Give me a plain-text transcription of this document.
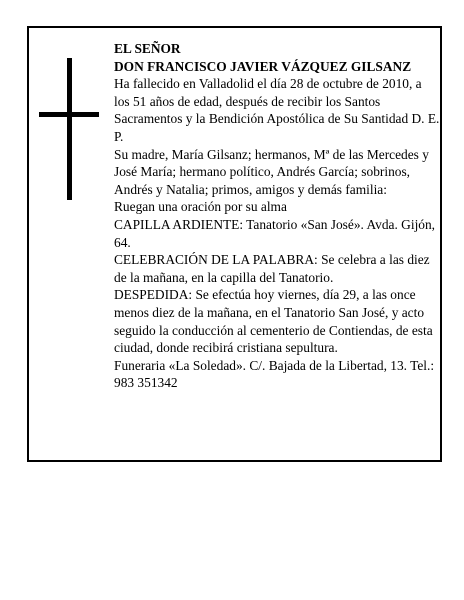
EL SEÑOR

DON FRANCISCO JAVIER VÁZQUEZ GILSANZ

Ha fallecido en Valladolid el día 28 de octubre de 2010, a los 51 años de edad, después de recibir los Santos Sacramentos y la Bendición Apostólica de Su Santidad D. E. P.

Su madre, María Gilsanz; hermanos, Mª de las Mercedes y José María; hermano político, Andrés García; sobrinos, Andrés y Natalia; primos, amigos y demás familia:

Ruegan una oración por su alma

CAPILLA ARDIENTE: Tanatorio «San José». Avda. Gijón, 64.

CELEBRACIÓN DE LA PALABRA: Se celebra a las diez de la mañana, en la capilla del Tanatorio.

DESPEDIDA: Se efectúa hoy viernes, día 29, a las once menos diez de la mañana, en el Tanatorio San José, y acto seguido la conducción al cementerio de Contiendas, de esta ciudad, donde recibirá cristiana sepultura.

Funeraria «La Soledad». C/. Bajada de la Libertad, 13. Tel.: 983 351342
